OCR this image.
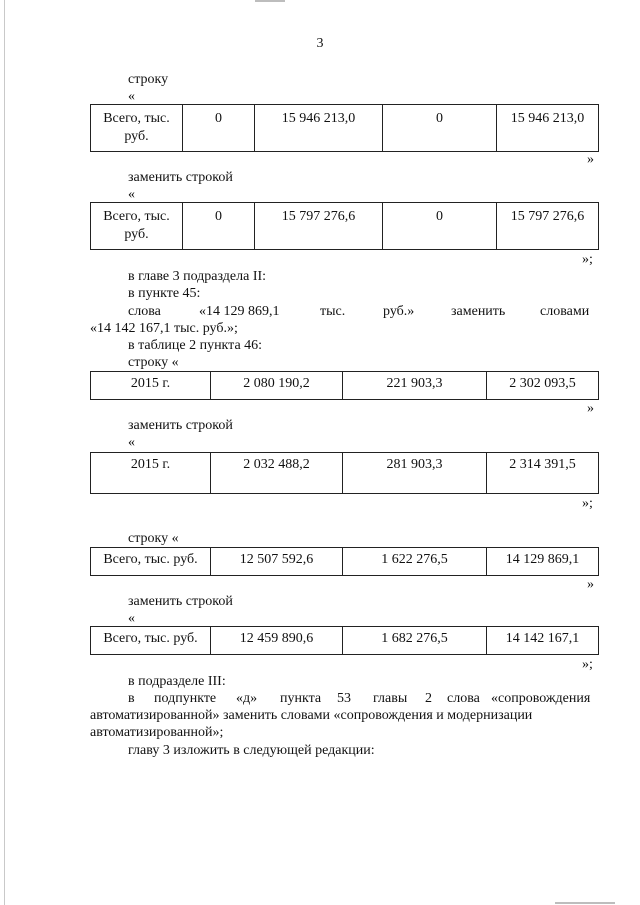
3
строку
«
Всего, тыс. руб.	0	15 946 213,0	0	15 946 213,0
»
заменить строкой
«
Всего, тыс. руб.	0	15 797 276,6	0	15 797 276,6
»;
в главе 3 подраздела II:
в пункте 45:
слова	«14 129 869,1	тыс.	руб.»	заменить словами
«14 142 167,1 тыс. руб.»;
в таблице 2 пункта 46:
строку «
2015 г.	2 080 190,2	221 903,3	2 302 093,5
»
заменить строкой
«
2015 г.	2 032 488,2	281 903,3	2 314 391,5
»;
строку «
Всего, тыс. руб.	12 507 592,6	1 622 276,5	14 129 869,1
»
заменить строкой
«
Всего, тыс. руб.	12 459 890,6	1 682 276,5	14 142 167,1
»;
в подразделе III:
в подпункте «д» пункта 53 главы 2 слова «сопровождения
автоматизированной» заменить словами «сопровождения и модернизации
автоматизированной»;
главу 3 изложить в следующей редакции:
